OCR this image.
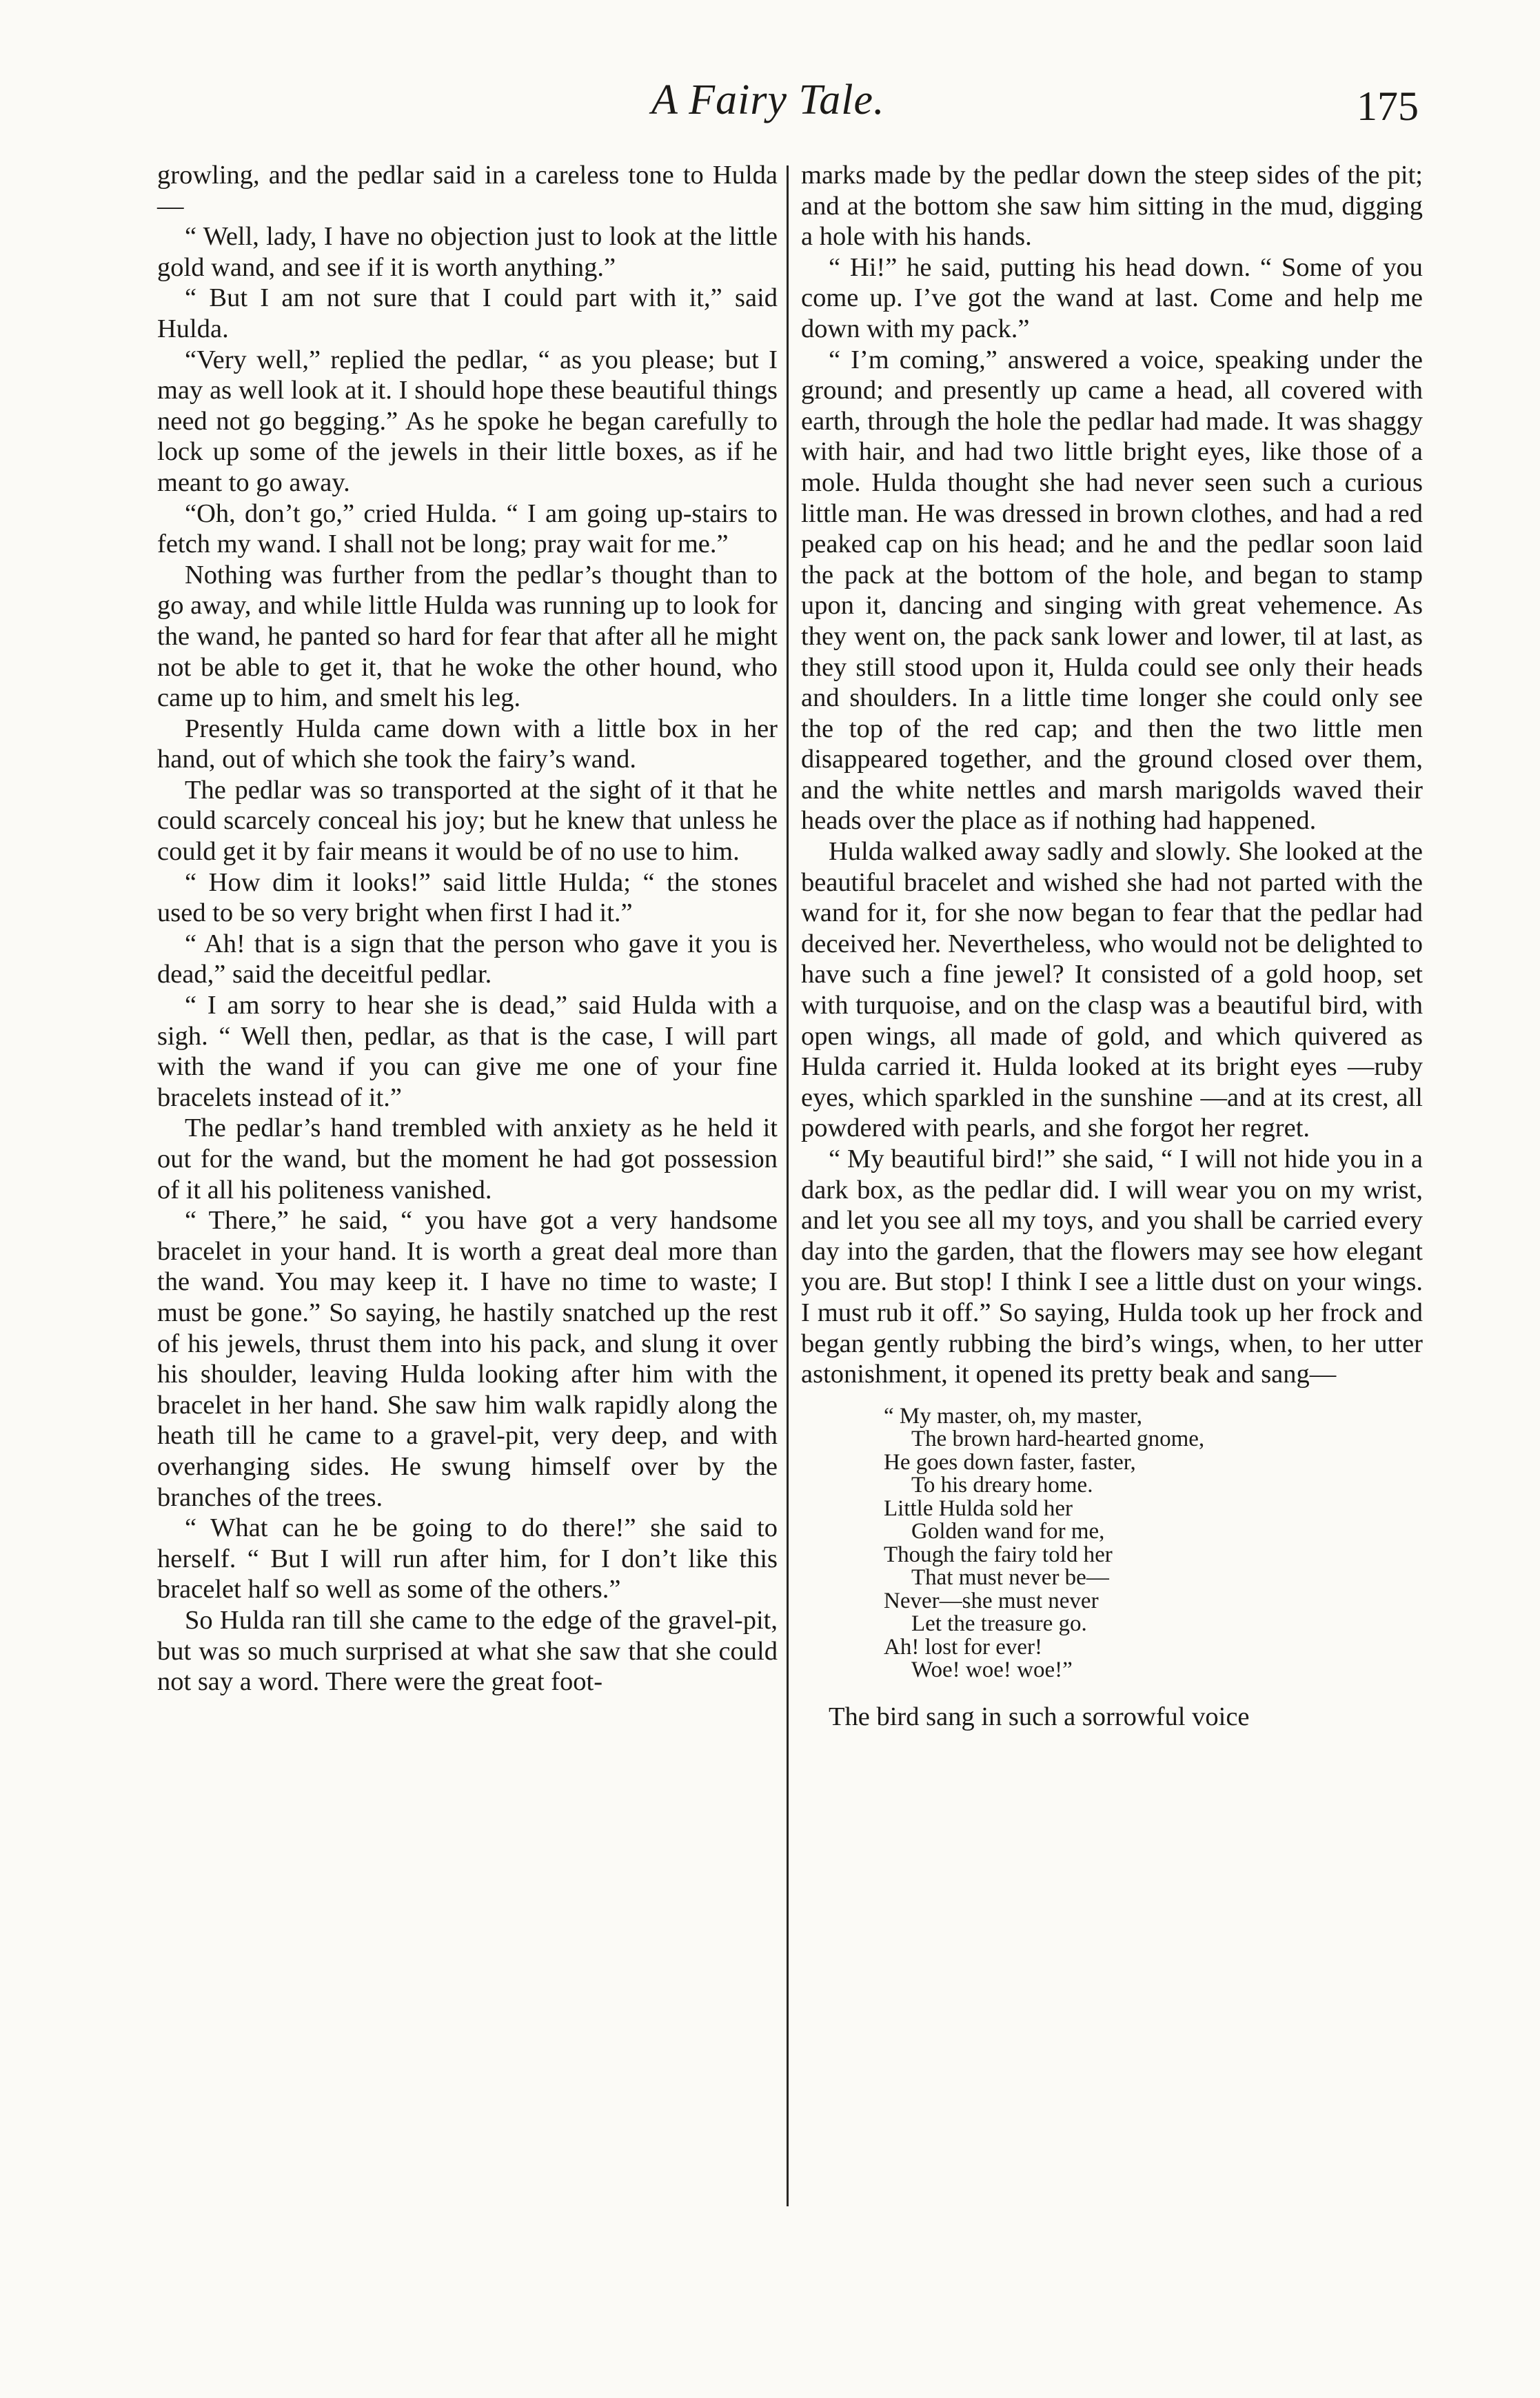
A Fairy Tale.	175

growling, and the pedlar said in a careless tone to Hulda—

“ Well, lady, I have no objection just to look at the little gold wand, and see if it is worth anything.”

“ But I am not sure that I could part with it,” said Hulda.

“Very well,” replied the pedlar, “ as you please; but I may as well look at it. I should hope these beautiful things need not go begging.” As he spoke he began carefully to lock up some of the jewels in their little boxes, as if he meant to go away.

“Oh, don’t go,” cried Hulda. “ I am going up-stairs to fetch my wand. I shall not be long; pray wait for me.”

Nothing was further from the pedlar’s thought than to go away, and while little Hulda was running up to look for the wand, he panted so hard for fear that after all he might not be able to get it, that he woke the other hound, who came up to him, and smelt his leg.

Presently Hulda came down with a little box in her hand, out of which she took the fairy’s wand.

The pedlar was so transported at the sight of it that he could scarcely conceal his joy; but he knew that unless he could get it by fair means it would be of no use to him.

“ How dim it looks!” said little Hulda; “ the stones used to be so very bright when first I had it.”

“ Ah! that is a sign that the person who gave it you is dead,” said the deceitful pedlar.

“ I am sorry to hear she is dead,” said Hulda with a sigh. “ Well then, pedlar, as that is the case, I will part with the wand if you can give me one of your fine bracelets instead of it.”

The pedlar’s hand trembled with anxiety as he held it out for the wand, but the moment he had got possession of it all his politeness vanished.

“ There,” he said, “ you have got a very handsome bracelet in your hand. It is worth a great deal more than the wand. You may keep it. I have no time to waste; I must be gone.” So saying, he hastily snatched up the rest of his jewels, thrust them into his pack, and slung it over his shoulder, leaving Hulda looking after him with the bracelet in her hand. She saw him walk rapidly along the heath till he came to a gravel-pit, very deep, and with overhanging sides. He swung himself over by the branches of the trees.

“ What can he be going to do there!” she said to herself. “ But I will run after him, for I don’t like this bracelet half so well as some of the others.”

So Hulda ran till she came to the edge of the gravel-pit, but was so much surprised at what she saw that she could not say a word. There were the great foot-

marks made by the pedlar down the steep sides of the pit; and at the bottom she saw him sitting in the mud, digging a hole with his hands.

“ Hi!” he said, putting his head down. “ Some of you come up. I’ve got the wand at last. Come and help me down with my pack.”

“ I’m coming,” answered a voice, speaking under the ground; and presently up came a head, all covered with earth, through the hole the pedlar had made. It was shaggy with hair, and had two little bright eyes, like those of a mole. Hulda thought she had never seen such a curious little man. He was dressed in brown clothes, and had a red peaked cap on his head; and he and the pedlar soon laid the pack at the bottom of the hole, and began to stamp upon it, dancing and singing with great vehemence. As they went on, the pack sank lower and lower, til at last, as they still stood upon it, Hulda could see only their heads and shoulders. In a little time longer she could only see the top of the red cap; and then the two little men disappeared together, and the ground closed over them, and the white nettles and marsh marigolds waved their heads over the place as if nothing had happened.

Hulda walked away sadly and slowly. She looked at the beautiful bracelet and wished she had not parted with the wand for it, for she now began to fear that the pedlar had deceived her. Nevertheless, who would not be delighted to have such a fine jewel? It consisted of a gold hoop, set with turquoise, and on the clasp was a beautiful bird, with open wings, all made of gold, and which quivered as Hulda carried it. Hulda looked at its bright eyes —ruby eyes, which sparkled in the sunshine —and at its crest, all powdered with pearls, and she forgot her regret.

“ My beautiful bird!” she said, “ I will not hide you in a dark box, as the pedlar did. I will wear you on my wrist, and let you see all my toys, and you shall be carried every day into the garden, that the flowers may see how elegant you are. But stop! I think I see a little dust on your wings. I must rub it off.” So saying, Hulda took up her frock and began gently rubbing the bird’s wings, when, to her utter astonishment, it opened its pretty beak and sang—

“ My master, oh, my master,
The brown hard-hearted gnome,
He goes down faster, faster,
To his dreary home.
Little Hulda sold her
Golden wand for me,
Though the fairy told her
That must never be—
Never—she must never
Let the treasure go.
Ah! lost for ever!
Woe! woe! woe!”

The bird sang in such a sorrowful voice
